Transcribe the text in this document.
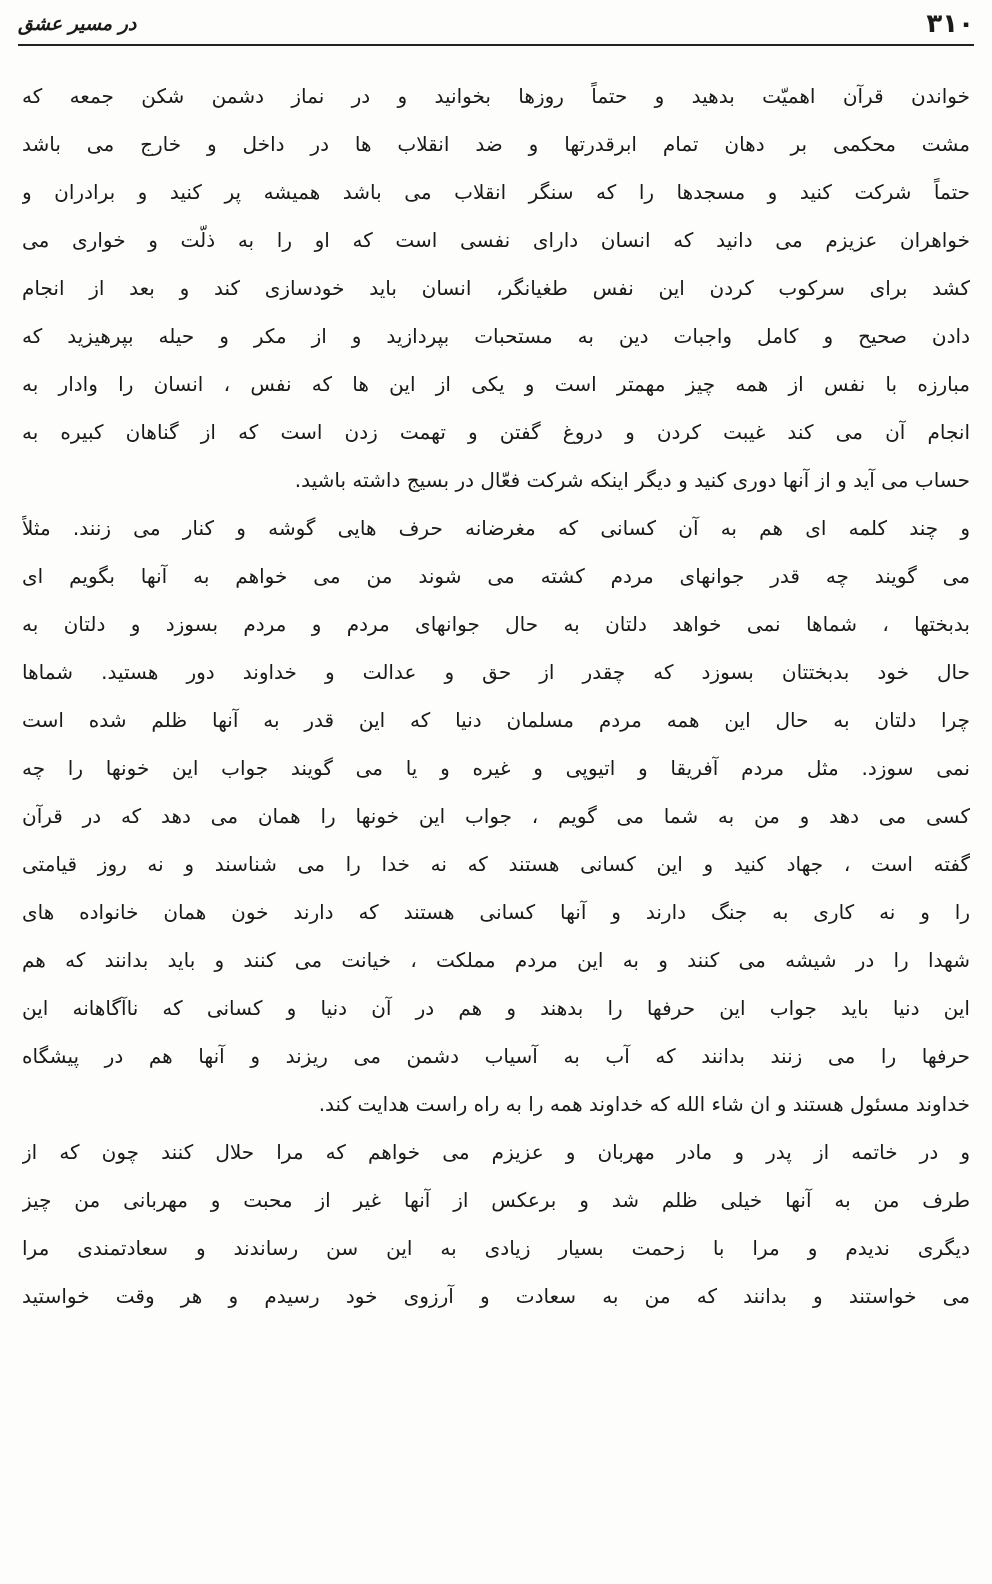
۳۱۰
در مسیر عشق
خواندن قرآن اهمیّت بدهید و حتماً روزها بخوانید و در نماز دشمن شکن جمعه که
مشت محکمی بر دهان تمام ابرقدرتها و ضد انقلاب ها در داخل و خارج می باشد
حتماً شرکت کنید و مسجدها را که سنگر انقلاب می باشد همیشه پر کنید و برادران و
خواهران عزیزم می دانید که انسان دارای نفسی است که او را به ذلّت و خواری می
کشد برای سرکوب کردن این نفس طغیانگر، انسان باید خودسازی کند و بعد از انجام
دادن صحیح و کامل واجبات دین به مستحبات بپردازید و از مکر و حیله بپرهیزید که
مبارزه با نفس از همه چیز مهمتر است و یکی از این ها که نفس ، انسان را وادار به
انجام آن می کند غیبت کردن و دروغ گفتن و تهمت زدن است که از گناهان کبیره به
حساب می آید و از آنها دوری کنید و دیگر اینکه شرکت فعّال در بسیج داشته باشید.
و چند کلمه ای هم به آن کسانی که مغرضانه حرف هایی گوشه و کنار می زنند. مثلاً
می گویند چه قدر جوانهای مردم کشته می شوند من می خواهم به آنها بگویم ای
بدبختها ، شماها نمی خواهد دلتان به حال جوانهای مردم و مردم بسوزد و دلتان به
حال خود بدبختتان بسوزد که چقدر از حق و عدالت و خداوند دور هستید. شماها
چرا دلتان به حال این همه مردم مسلمان دنیا که این قدر به آنها ظلم شده است
نمی سوزد. مثل مردم آفریقا و اتیوپی و غیره و یا می گویند جواب این خونها را چه
کسی می دهد و من به شما می گویم ، جواب این خونها را همان می دهد که در قرآن
گفته است ، جهاد کنید و این کسانی هستند که نه خدا را می شناسند و نه روز قیامتی
را و نه کاری به جنگ دارند و آنها کسانی هستند که دارند خون همان خانواده های
شهدا را در شیشه می کنند و به این مردم مملکت ، خیانت می کنند و باید بدانند که هم
این دنیا باید جواب این حرفها را بدهند و هم در آن دنیا و کسانی که ناآگاهانه این
حرفها را می زنند بدانند که آب به آسیاب دشمن می ریزند و آنها هم در پیشگاه
خداوند مسئول هستند و ان شاء الله که خداوند همه را به راه راست هدایت کند.
و در خاتمه از پدر و مادر مهربان و عزیزم می خواهم که مرا حلال کنند چون که از
طرف من به آنها خیلی ظلم شد و برعکس از آنها غیر از محبت و مهربانی من چیز
دیگری ندیدم و مرا با زحمت بسیار زیادی به این سن رساندند و سعادتمندی مرا
می خواستند و بدانند که من به سعادت و آرزوی خود رسیدم و هر وقت خواستید
